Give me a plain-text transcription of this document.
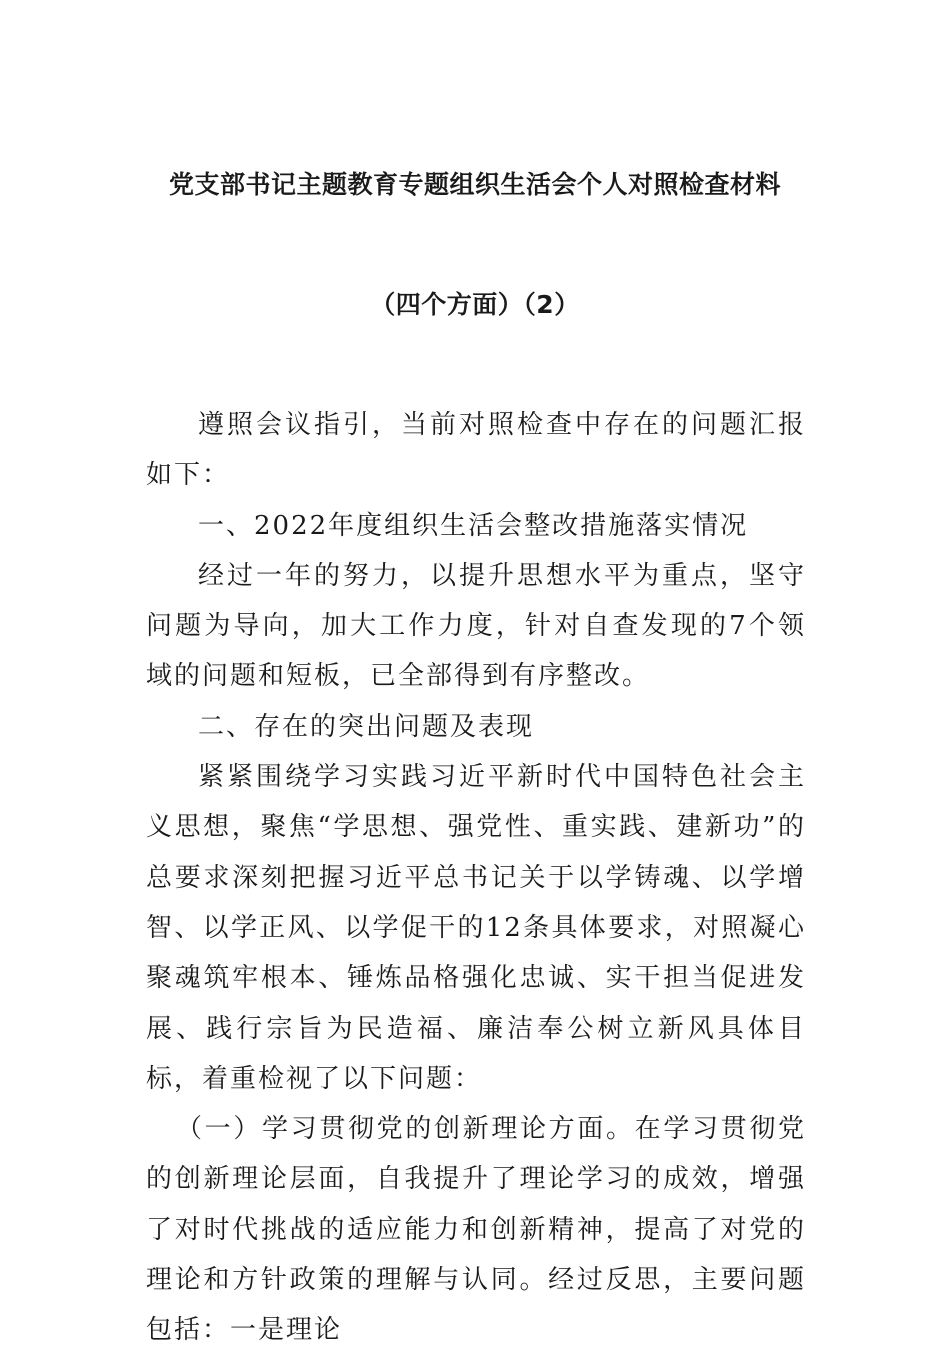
党支部书记主题教育专题组织生活会个人对照检查材料
（四个方面）（2）

遵照会议指引，当前对照检查中存在的问题汇报如下：

一、2022年度组织生活会整改措施落实情况

经过一年的努力，以提升思想水平为重点，坚守问题为导向，加大工作力度，针对自查发现的7个领域的问题和短板，已全部得到有序整改。

二、存在的突出问题及表现

紧紧围绕学习实践习近平新时代中国特色社会主义思想，聚焦“学思想、强党性、重实践、建新功”的总要求深刻把握习近平总书记关于以学铸魂、以学增智、以学正风、以学促干的12条具体要求，对照凝心聚魂筑牢根本、锤炼品格强化忠诚、实干担当促进发展、践行宗旨为民造福、廉洁奉公树立新风具体目标，着重检视了以下问题：

（一）学习贯彻党的创新理论方面。在学习贯彻党的创新理论层面，自我提升了理论学习的成效，增强了对时代挑战的适应能力和创新精神，提高了对党的理论和方针政策的理解与认同。经过反思，主要问题包括：一是理论
